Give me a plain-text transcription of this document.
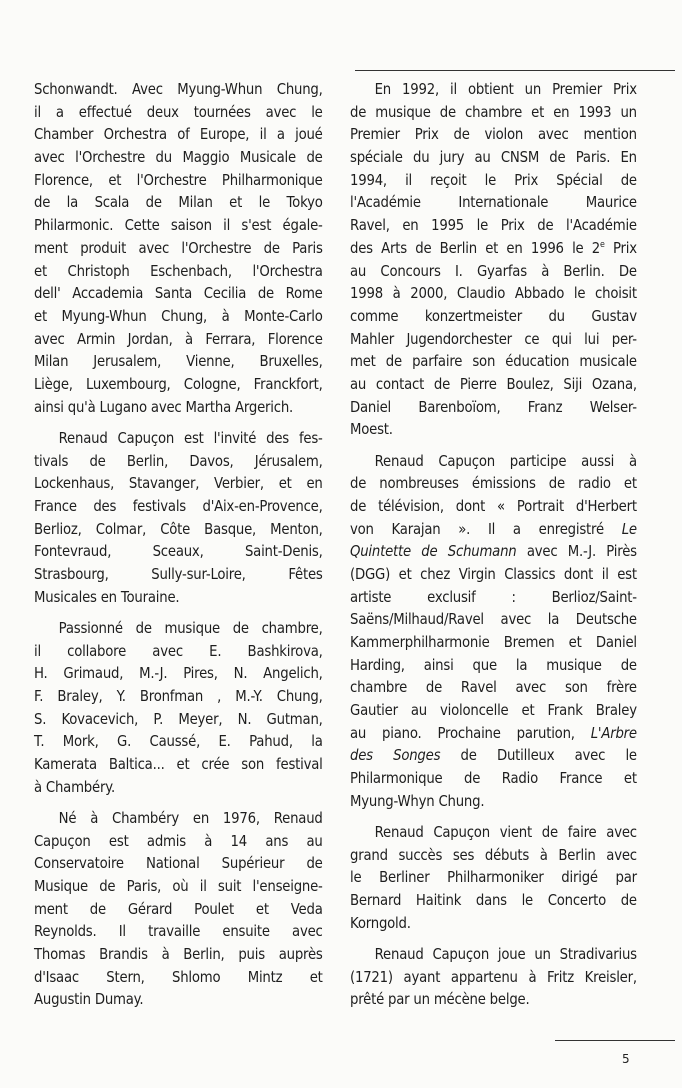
Schonwandt. Avec Myung-Whun Chung,
il a effectué deux tournées avec le
Chamber Orchestra of Europe, il a joué
avec l'Orchestre du Maggio Musicale de
Florence, et l'Orchestre Philharmonique
de la Scala de Milan et le Tokyo
Philarmonic. Cette saison il s'est égale-
ment produit avec l'Orchestre de Paris
et Christoph Eschenbach, l'Orchestra
dell' Accademia Santa Cecilia de Rome
et Myung-Whun Chung, à Monte-Carlo
avec Armin Jordan, à Ferrara, Florence
Milan Jerusalem, Vienne, Bruxelles,
Liège, Luxembourg, Cologne, Franckfort,
ainsi qu'à Lugano avec Martha Argerich.
Renaud Capuçon est l'invité des fes-
tivals de Berlin, Davos, Jérusalem,
Lockenhaus, Stavanger, Verbier, et en
France des festivals d'Aix-en-Provence,
Berlioz, Colmar, Côte Basque, Menton,
Fontevraud, Sceaux, Saint-Denis,
Strasbourg, Sully-sur-Loire, Fêtes
Musicales en Touraine.
Passionné de musique de chambre,
il collabore avec E. Bashkirova,
H. Grimaud, M.-J. Pires, N. Angelich,
F. Braley, Y. Bronfman , M.-Y. Chung,
S. Kovacevich, P. Meyer, N. Gutman,
T. Mork, G. Caussé, E. Pahud, la
Kamerata Baltica... et crée son festival
à Chambéry.
Né à Chambéry en 1976, Renaud
Capuçon est admis à 14 ans au
Conservatoire National Supérieur de
Musique de Paris, où il suit l'enseigne-
ment de Gérard Poulet et Veda
Reynolds. Il travaille ensuite avec
Thomas Brandis à Berlin, puis auprès
d'Isaac Stern, Shlomo Mintz et
Augustin Dumay.
En 1992, il obtient un Premier Prix
de musique de chambre et en 1993 un
Premier Prix de violon avec mention
spéciale du jury au CNSM de Paris. En
1994, il reçoit le Prix Spécial de
l'Académie Internationale Maurice
Ravel, en 1995 le Prix de l'Académie
des Arts de Berlin et en 1996 le 2e Prix
au Concours I. Gyarfas à Berlin. De
1998 à 2000, Claudio Abbado le choisit
comme konzertmeister du Gustav
Mahler Jugendorchester ce qui lui per-
met de parfaire son éducation musicale
au contact de Pierre Boulez, Siji Ozana,
Daniel Barenboïom, Franz Welser-
Moest.
Renaud Capuçon participe aussi à
de nombreuses émissions de radio et
de télévision, dont « Portrait d'Herbert
von Karajan ». Il a enregistré Le
Quintette de Schumann avec M.-J. Pirès
(DGG) et chez Virgin Classics dont il est
artiste exclusif : Berlioz/Saint-
Saëns/Milhaud/Ravel avec la Deutsche
Kammerphilharmonie Bremen et Daniel
Harding, ainsi que la musique de
chambre de Ravel avec son frère
Gautier au violoncelle et Frank Braley
au piano. Prochaine parution, L'Arbre
des Songes de Dutilleux avec le
Philarmonique de Radio France et
Myung-Whyn Chung.
Renaud Capuçon vient de faire avec
grand succès ses débuts à Berlin avec
le Berliner Philharmoniker dirigé par
Bernard Haitink dans le Concerto de
Korngold.
Renaud Capuçon joue un Stradivarius
(1721) ayant appartenu à Fritz Kreisler,
prêté par un mécène belge.
5
